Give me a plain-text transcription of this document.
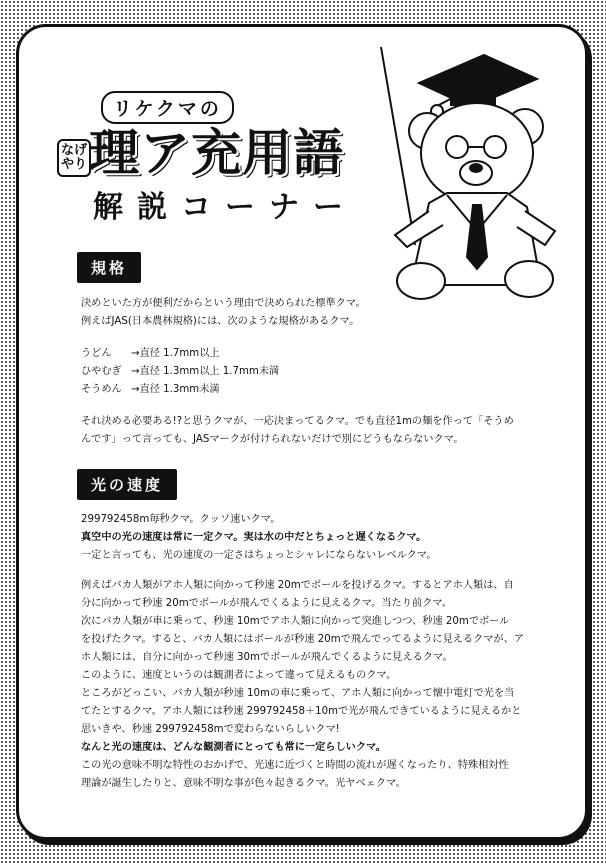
リケクマの
なげやり 理ア充用語
解説コーナー
規格

決めといた方が便利だからという理由で決められた標準クマ。

例えばJAS(日本農林規格)には、次のような規格があるクマ。

うどん	→直径 1.7mm以上
ひやむぎ →直径 1.3mm以上 1.7mm未満
そうめん →直径 1.3mm未満

それ決める必要ある!?と思うクマが、一応決まってるクマ。でも直径1mの麺を作って「そうめ

んです」って言っても、JASマークが付けられないだけで別にどうもならないクマ。

光の速度

299792458m毎秒クマ。クッソ速いクマ。

真空中の光の速度は常に一定クマ。実は水の中だとちょっと遅くなるクマ。

一定と言っても、光の速度の一定さはちょっとシャレにならないレベルクマ。

例えばバカ人類がアホ人類に向かって秒速 20mでボールを投げるクマ。するとアホ人類は、自

分に向かって秒速 20mでボールが飛んでくるように見えるクマ。当たり前クマ。

次にバカ人類が車に乗って、秒速 10mでアホ人類に向かって突進しつつ、秒速 20mでボール

を投げたクマ。すると、バカ人類にはボールが秒速 20mで飛んでってるように見えるクマが、ア

ホ人類には、自分に向かって秒速 30mでボールが飛んでくるように見えるクマ。

このように、速度というのは観測者によって違って見えるものクマ。

ところがどっこい、バカ人類が秒速 10mの車に乗って、アホ人類に向かって懐中電灯で光を当

てたとするクマ。アホ人類には秒速 299792458＋10mで光が飛んできているように見えるかと

思いきや、秒速 299792458mで変わらないらしいクマ!

なんと光の速度は、どんな観測者にとっても常に一定らしいクマ。

この光の意味不明な特性のおかげで、光速に近づくと時間の流れが遅くなったり、特殊相対性

理論が誕生したりと、意味不明な事が色々起きるクマ。光ヤベェクマ。
